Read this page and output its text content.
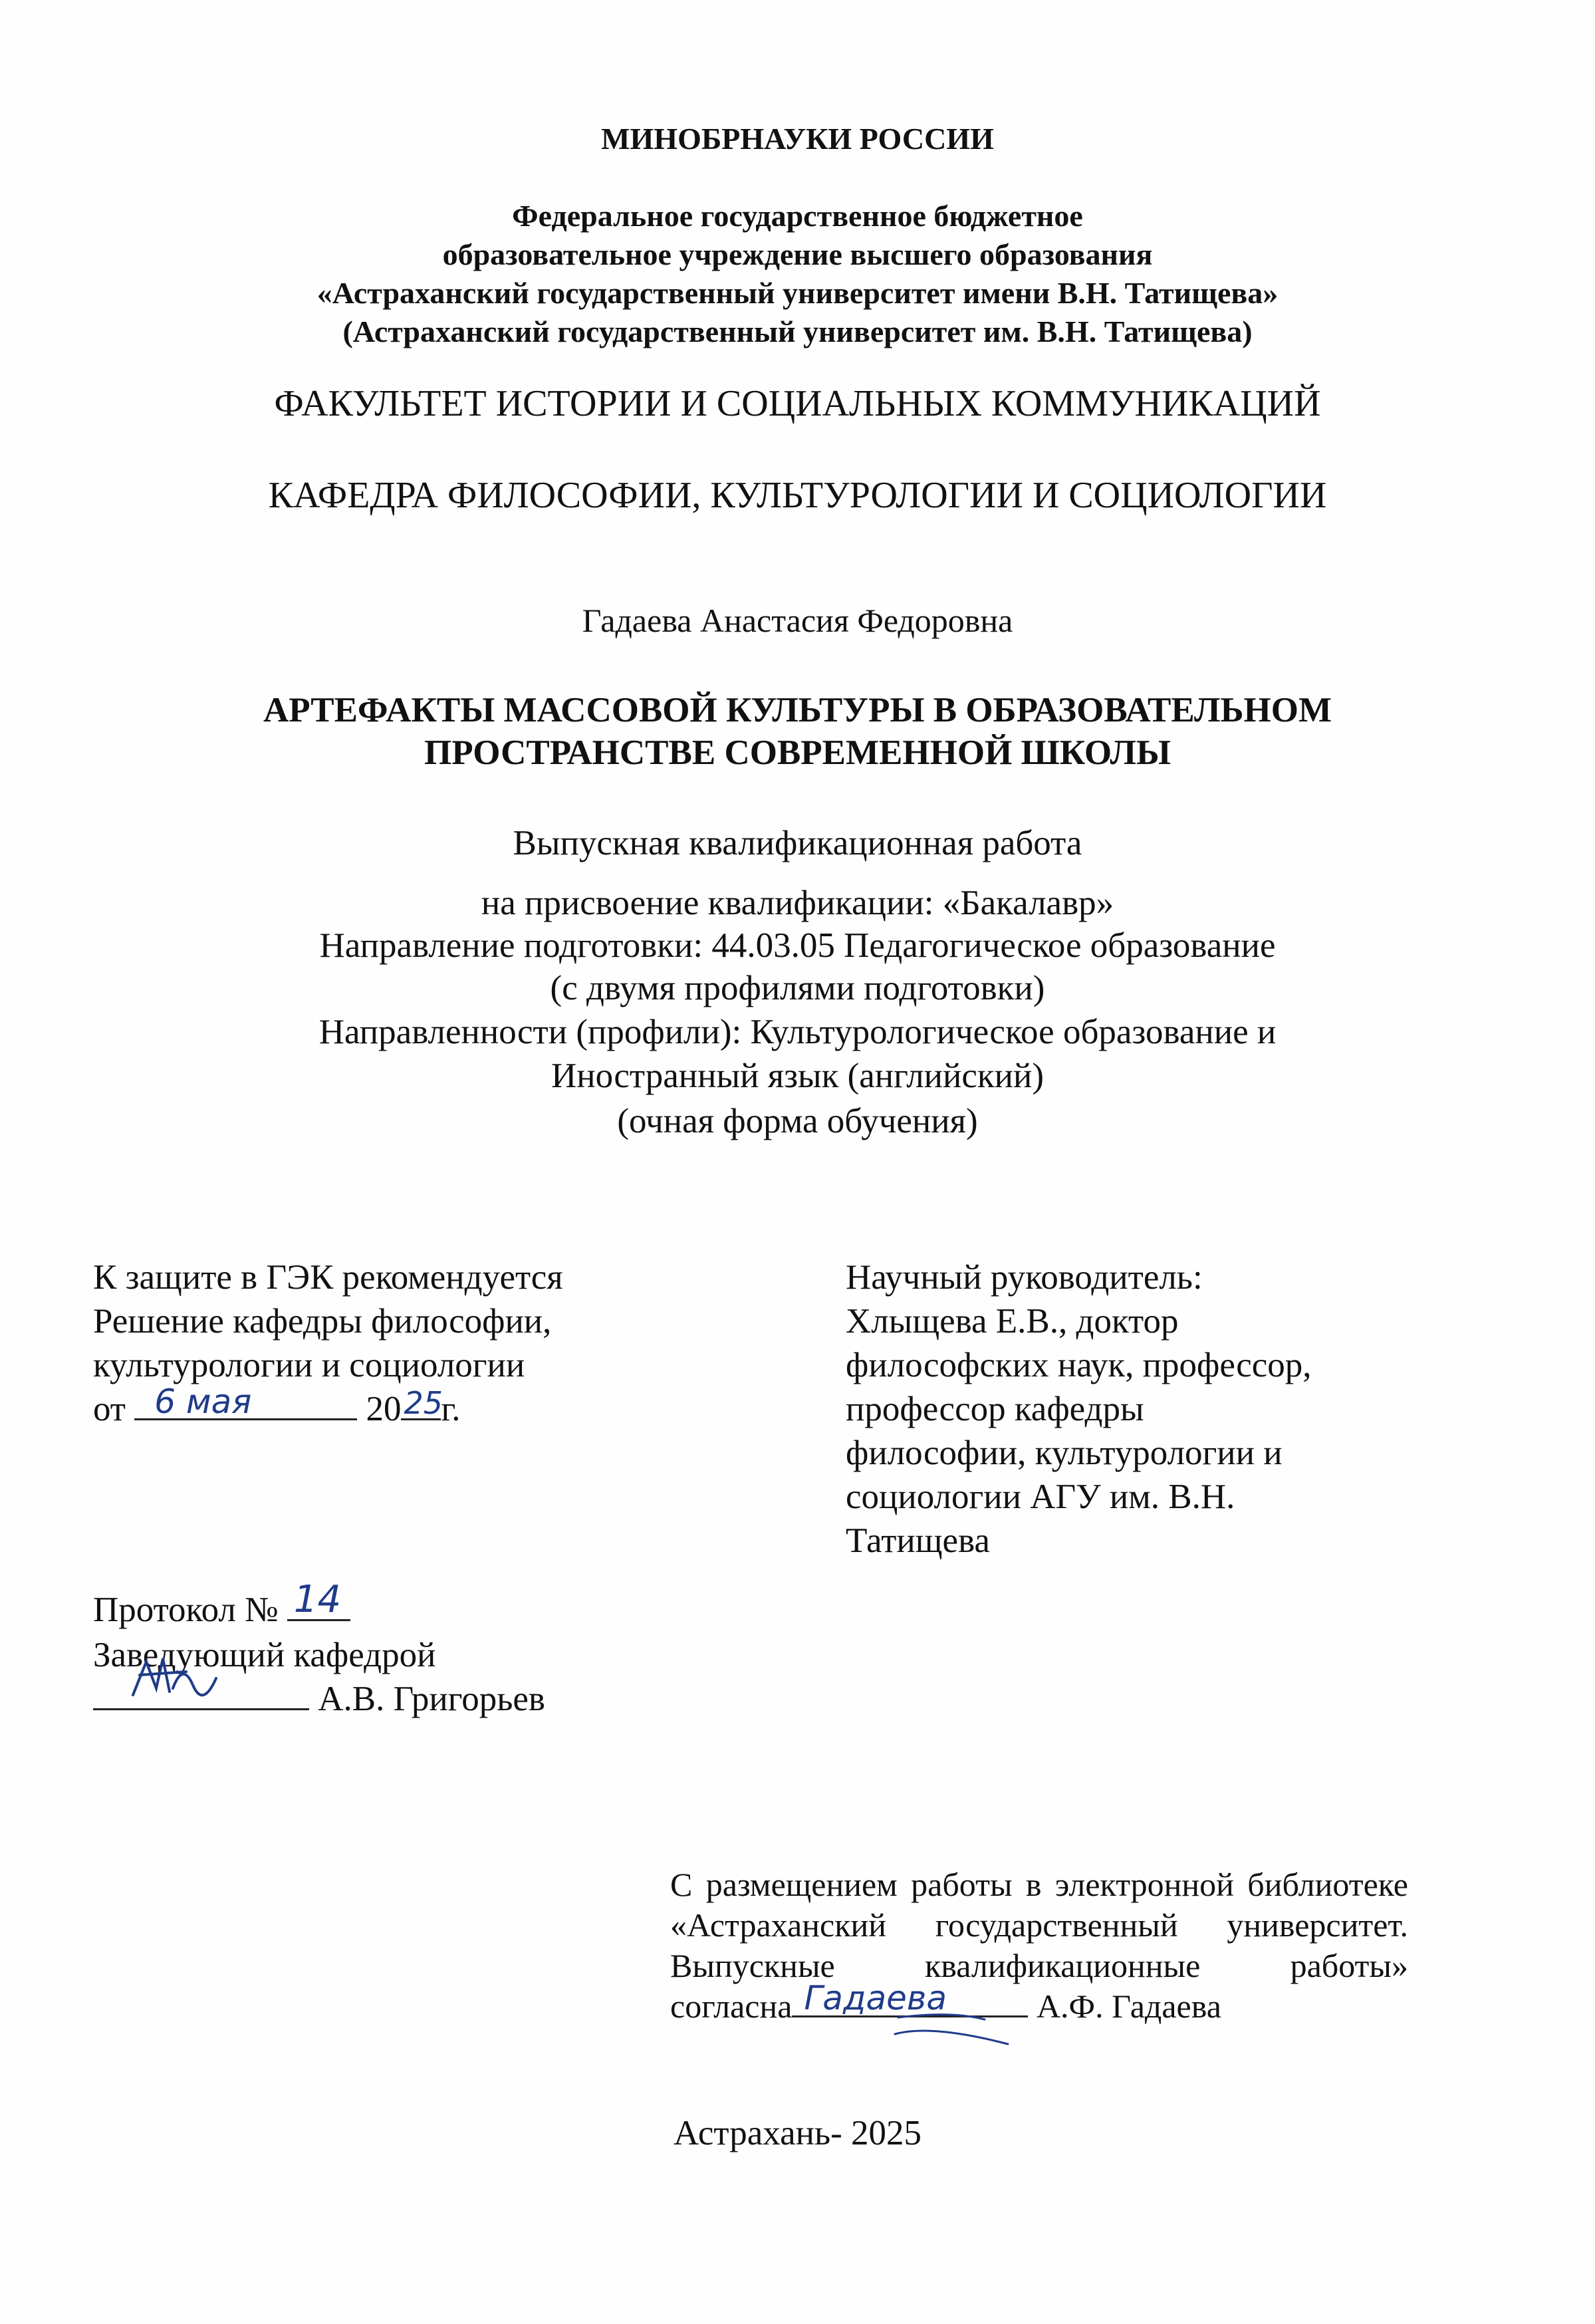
МИНОБРНАУКИ РОССИИ
Федеральное государственное бюджетное
образовательное учреждение высшего образования
«Астраханский государственный университет имени В.Н. Татищева»
(Астраханский государственный университет им. В.Н. Татищева)
ФАКУЛЬТЕТ ИСТОРИИ И СОЦИАЛЬНЫХ КОММУНИКАЦИЙ
КАФЕДРА ФИЛОСОФИИ, КУЛЬТУРОЛОГИИ И СОЦИОЛОГИИ
Гадаева Анастасия Федоровна
АРТЕФАКТЫ МАССОВОЙ КУЛЬТУРЫ В ОБРАЗОВАТЕЛЬНОМ
ПРОСТРАНСТВЕ СОВРЕМЕННОЙ ШКОЛЫ
Выпускная квалификационная работа
на присвоение квалификации: «Бакалавр»
Направление подготовки: 44.03.05 Педагогическое образование
(с двумя профилями подготовки)
Направленности (профили): Культурологическое образование и
Иностранный язык (английский)
(очная форма обучения)
К защите в ГЭК рекомендуется
Решение кафедры философии,
культурологии и социологии
от 6 мая	20 25
г.
Протокол № 14
Заведующий кафедрой
А.В. Григорьев
Научный руководитель:
Хлыщева Е.В., доктор
философских наук, профессор,
профессор кафедры
философии, культурологии и
социологии АГУ им. В.Н.
Татищева
С размещением работы в электронной библиотеке
«Астраханский государственный университет.
Выпускные квалификационные работы»
согласна Гадаева	А.Ф. Гадаева
Астрахань- 2025
